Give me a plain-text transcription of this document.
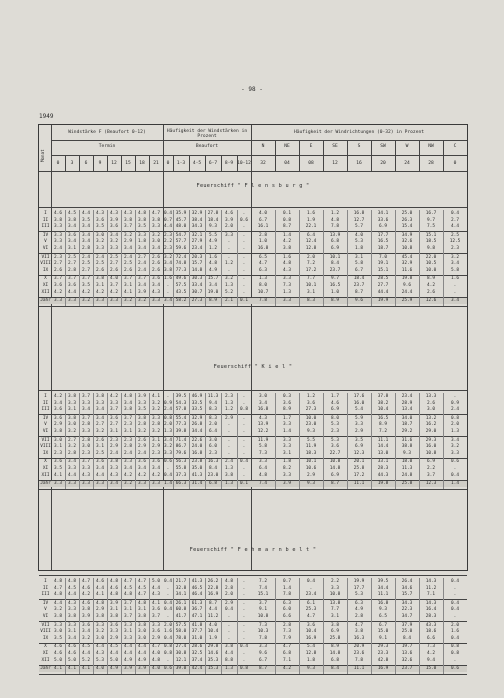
- 98 -
1949
Monat
Windstärke F (Beaufort 0-12)	Häufigkeit der Windstärken in Prozent
Häufigkeit der Windrichtungen (0-32) in Prozent
Termin	Beaufort
0	3	6	9	12	15	18	21	0	1-3	4-5	6-7	8-9 10-12
N	NE	E	SE	S	SW	W	NW	C
32	04	08	12	16	20	24	28	0
Feuerschiff " F l e n s b u r g "
I	4.6	4.5	4.4	4.3	4.3	4.3	4.8	4.7 0.4 35.9	32.9	27.8	4.6	.	4.0	0.1	1.6	1.2	16.8	34.1	25.0	16.7	0.4
II	3.8	3.8	3.5	3.6	3.9	3.8	3.8	3.8 0.7 45.7	38.4	18.4	3.9	0.6	6.7	0.8	1.9	4.8	12.7	33.6	26.3	9.7	2.7
III	3.3	3.4	3.4	3.5	3.6	3.7	3.5	3.3 4.4 48.0	34.3	9.3	2.0	.	16.1	8.7	22.1	7.8	5.7	6.9	15.4	7.5	4.4
IV	3.3	3.6	3.4	3.0	3.4	3.2	3.3	3.2 2.3 54.7	32.1	5.5	3.3	.	2.8	1.4	6.4	13.9	4.0	17.7	34.9	15.1	2.5
V	3.3	3.4	3.4	3.2	3.2	2.9	1.8	3.0 2.2 57.7	27.9	4.9	.	.	1.0	4.2	12.4	6.8	5.3	16.5	32.6	18.5	12.5
VI	2.4	3.1	2.8	3.3	3.3	3.4	3.4	3.4 2.3 59.6	23.4	1.2	.	.	16.8	3.8	12.8	6.9	1.8	18.7	10.8	9.8	2.3
VII	2.3	2.5	2.4	2.4	2.5	2.4	2.7	2.6 3.2 72.4	20.3	1.6	.	.	6.5	1.6	2.0	10.1	3.1	7.0	45.4	22.0	3.2
VIII 2.7	2.7	2.5	2.5	2.7	2.5	2.4	2.6 3.4 74.8	15.7	4.8	1.2	.	4.7	4.8	7.2	8.4	5.8	19.1	32.9	10.5	3.4
IX	2.6	2.8	2.7	2.6	2.6	2.6	2.4	2.6 3.8 77.3	14.8	4.9	.	.	6.3	4.3	17.2	23.7	6.7	15.1	11.6	10.0	5.8
X	3.7	3.7	3.7	3.8	4.0	3.7	3.7	3.6 1.6 49.6	30.3	15.7	3.2	.	1.3	3.3	7.7	9.7	18.4	28.5	19.8	8.9	1.6
XI	3.6	3.6	3.5	3.1	3.7	3.1	3.4	3.4	.	57.5	33.4	3.4	1.3	.	8.0	7.3	10.1	16.5	23.7	27.7	9.6	4.2	.
XII	4.2	4.4	4.2	4.2	4.2	4.1	3.9	4.3	.	43.5	30.7	19.0	5.2	.	10.7	1.3	3.1	1.0	8.7	44.4	24.4	2.6	.
Jahr 3.3	3.3	3.2	3.3	3.3	3.2	3.2	3.3 3.4 58.2	27.3	8.9	2.1	0.1	7.8	3.3	8.3	8.9	9.6	19.9	25.9	12.6	3.4
Feuerschiff " K i e l "
I	4.2	3.8	3.7	3.8	4.2	4.8	3.9	4.1	.	39.5	46.9	11.3	2.3	.	3.0	0.3	1.2	1.7	17.6	37.8	23.4	13.3	.
II	3.4	3.3	3.3	3.3	3.3	3.4	3.3	3.2 0.9 54.3	33.5	9.4	1.3	.	3.4	3.6	3.6	4.6	16.0	38.2	28.9	2.6	0.9
III	3.6	3.1	3.4	3.4	3.7	3.8	3.5	3.2 2.4 57.8	33.5	8.3	1.2	0.8	16.8	8.9	27.3	6.9	5.4	10.4	13.4	3.0	2.4
IV	3.6	3.8	3.7	3.4	3.6	3.7	3.8	3.3 0.8 55.4	32.9	8.3	2.9	.	4.3	1.7	10.0	8.0	5.9	16.5	34.0	13.2	0.8
V	2.9	3.0	2.8	2.7	2.7	2.3	2.8	2.8 2.0 77.3	26.8	2.0	.	.	13.9	3.3	23.0	5.3	3.3	8.9	18.7	16.2	2.0
VI	3.8	3.2	3.3	3.2	3.1	3.1	3.2	3.2 1.3 39.8	34.4	6.4	.	.	12.2	1.4	9.3	2.3	2.9	7.2	29.2	29.0	1.3
VII	3.0	2.7	2.8	2.6	2.3	2.3	2.6	3.1 3.4 71.4	22.6	3.0	.	.	11.9	3.3	5.5	5.3	3.5	11.1	31.6	29.3	3.4
VIII 3.1	3.2	3.0	3.1	2.9	2.8	2.9	2.9 3.2 86.7	24.0	6.0	.	.	5.8	3.3	11.9	3.6	6.9	14.4	38.8	16.0	3.2
IX	2.3	2.8	2.3	2.5	2.4	2.4	2.4	2.3 3.3 79.6	16.8	2.3	.	.	7.3	3.1	18.3	22.7	12.3	13.0	9.3	10.8	3.3
X	3.6	3.4	3.7	3.6	3.8	3.3	3.6	3.6 0.6 56.3	23.8	16.3	2.4	0.4	3.3	1.8	10.1	10.8	20.1	33.1	18.0	6.9	0.6
XI	3.5	3.3	3.3	3.4	3.3	3.4	3.4	3.4	.	55.8	35.0	8.4	1.3	.	6.4	8.2	10.6	14.8	25.8	28.3	11.3	2.2	.
XII	4.1	4.4	4.3	4.4	4.3	4.2	4.2	4.2 0.4 37.3	41.3	23.0	3.8	.	4.8	3.3	2.9	6.9	17.2	44.3	24.8	3.7	0.4
Jahr 3.3	3.3	3.3	3.3	3.4	3.2	3.3	3.3 1.4 66.3	31.4	6.8	1.3	0.1	7.4	3.9	9.3	8.7	11.1	19.8	25.8	12.3	1.4
Feuerschiff " F e h m a r n b e l t "
I	4.8	4.8	4.7	4.6	4.8	4.7	4.7	5.0 0.4 21.7	41.3	26.2	4.8	.	7.2	0.7	0.4	2.2	19.9	39.5	26.4	14.3	0.4
II	4.7	4.5	4.6	4.4	4.6	4.5	4.5	4.4	.	32.8	46.5	22.8	2.8	.	7.4	1.4	.	3.3	17.7	34.4	34.6	11.2	.
III	4.8	4.4	4.2	4.1	4.8	4.8	4.7	4.3	.	34.1	46.4	16.9	2.0	.	15.1	7.8	23.4	10.8	5.3	11.1	15.7	7.1	.
IV	4.4	4.3	4.6	4.8	3.9	3.7	4.8	4.1 0.4 26.1	61.3	8.7	2.9	.	3.7	6.3	6.1	13.8	6.3	16.8	34.3	14.3	0.4
V	3.2	3.3	3.8	2.9	3.1	3.1	3.1	3.6 0.4 60.8	36.7	4.4	0.4	.	9.1	6.0	25.3	7.7	4.9	9.3	22.3	16.4	0.4
VI	3.8	3.8	3.9	3.8	3.8	3.7	3.8	3.7	.	41.7	47.1	11.2	.	.	10.8	6.6	4.7	3.1	2.8	6.5	34.7	28.3	.
VII	3.3	3.3	3.6	3.3	3.6	3.3	3.8	3.3 2.0 57.5	41.8	4.0	.	.	7.3	2.8	3.6	3.8	4.7	6.7	37.9	43.3	2.0
VIII 3.0	3.1	3.4	3.2	3.3	3.1	3.0	3.6 1.6 58.0	37.7	10.4	.	.	10.3	7.3	10.4	6.9	3.8	15.0	25.0	18.6	1.6
IX	3.5	3.4	3.2	3.0	2.9	3.3	3.0	2.9 0.4 78.0	31.0	1.9	.	.	7.8	7.9	16.9	25.8	16.3	9.1	8.4	6.6	0.4
X	4.6	4.6	4.5	4.4	4.5	4.4	4.4	4.7 0.8 27.4	28.6	29.8	3.8	0.4	3.3	4.7	5.4	8.9	20.9	29.3	19.7	7.3	0.8
XI	4.6	4.6	4.4	4.3	4.4	4.4	4.4	4.0 0.8 30.8	32.5	14.6	4.4	.	9.6	6.8	12.8	14.8	23.6	23.3	13.6	4.2	0.8
XII	5.0	5.0	5.2	5.3	5.0	4.9	4.9	4.8	.	12.1	37.4	35.3	8.8	.	6.7	7.1	1.8	6.8	7.8	42.8	32.6	9.4	.
Jahr 4.1	4.1	4.1	4.0	4.9	3.9	3.9	4.0 0.6 39.0	42.4	15.3	1.3	0.8	8.7	4.2	9.3	8.4	11.1	16.9	23.7	15.0	0.6
